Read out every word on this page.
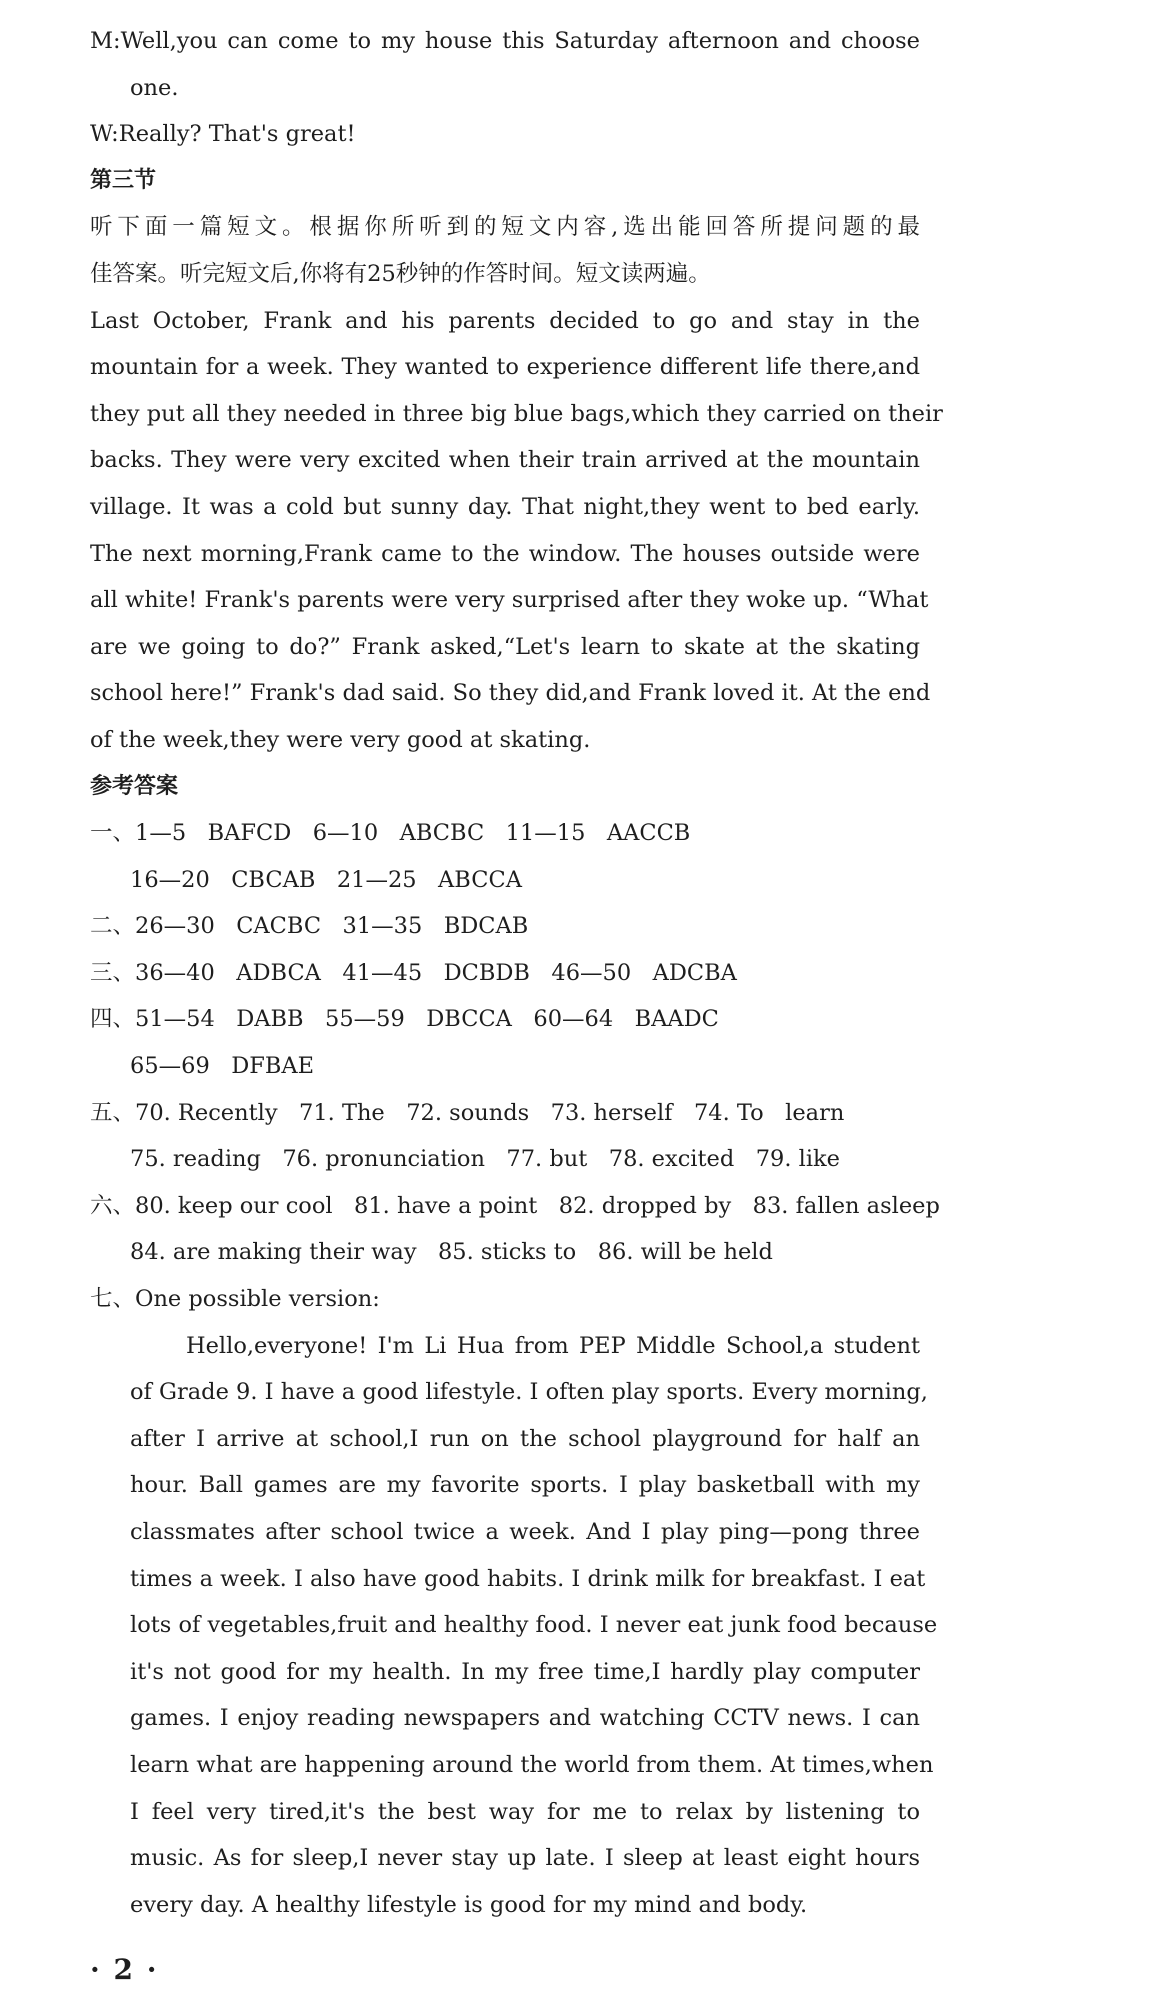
M:Well,you can come to my house this Saturday afternoon and choose
one.
W:Really? That's great!
第三节
听下面一篇短文。根据你所听到的短文内容,选出能回答所提问题的最
佳答案。听完短文后,你将有25秒钟的作答时间。短文读两遍。
Last October, Frank and his parents decided to go and stay in the
mountain for a week. They wanted to experience different life there,and
they put all they needed in three big blue bags,which they carried on their
backs. They were very excited when their train arrived at the mountain
village. It was a cold but sunny day. That night,they went to bed early.
The next morning,Frank came to the window. The houses outside were
all white! Frank's parents were very surprised after they woke up. “What
are we going to do?” Frank asked,“Let's learn to skate at the skating
school here!” Frank's dad said. So they did,and Frank loved it. At the end
of the week,they were very good at skating.
参考答案
一、1—5   BAFCD   6—10   ABCBC   11—15   AACCB
16—20   CBCAB   21—25   ABCCA
二、26—30   CACBC   31—35   BDCAB
三、36—40   ADBCA   41—45   DCBDB   46—50   ADCBA
四、51—54   DABB   55—59   DBCCA   60—64   BAADC
65—69   DFBAE
五、70. Recently   71. The   72. sounds   73. herself   74. To   learn
75. reading   76. pronunciation   77. but   78. excited   79. like
六、80. keep our cool   81. have a point   82. dropped by   83. fallen asleep
84. are making their way   85. sticks to   86. will be held
七、One possible version:
Hello,everyone! I'm Li Hua from PEP Middle School,a student
of Grade 9. I have a good lifestyle. I often play sports. Every morning,
after I arrive at school,I run on the school playground for half an
hour. Ball games are my favorite sports. I play basketball with my
classmates after school twice a week. And I play ping—pong three
times a week. I also have good habits. I drink milk for breakfast. I eat
lots of vegetables,fruit and healthy food. I never eat junk food because
it's not good for my health. In my free time,I hardly play computer
games. I enjoy reading newspapers and watching CCTV news. I can
learn what are happening around the world from them. At times,when
I feel very tired,it's the best way for me to relax by listening to
music. As for sleep,I never stay up late. I sleep at least eight hours
every day. A healthy lifestyle is good for my mind and body.
· 2 ·
